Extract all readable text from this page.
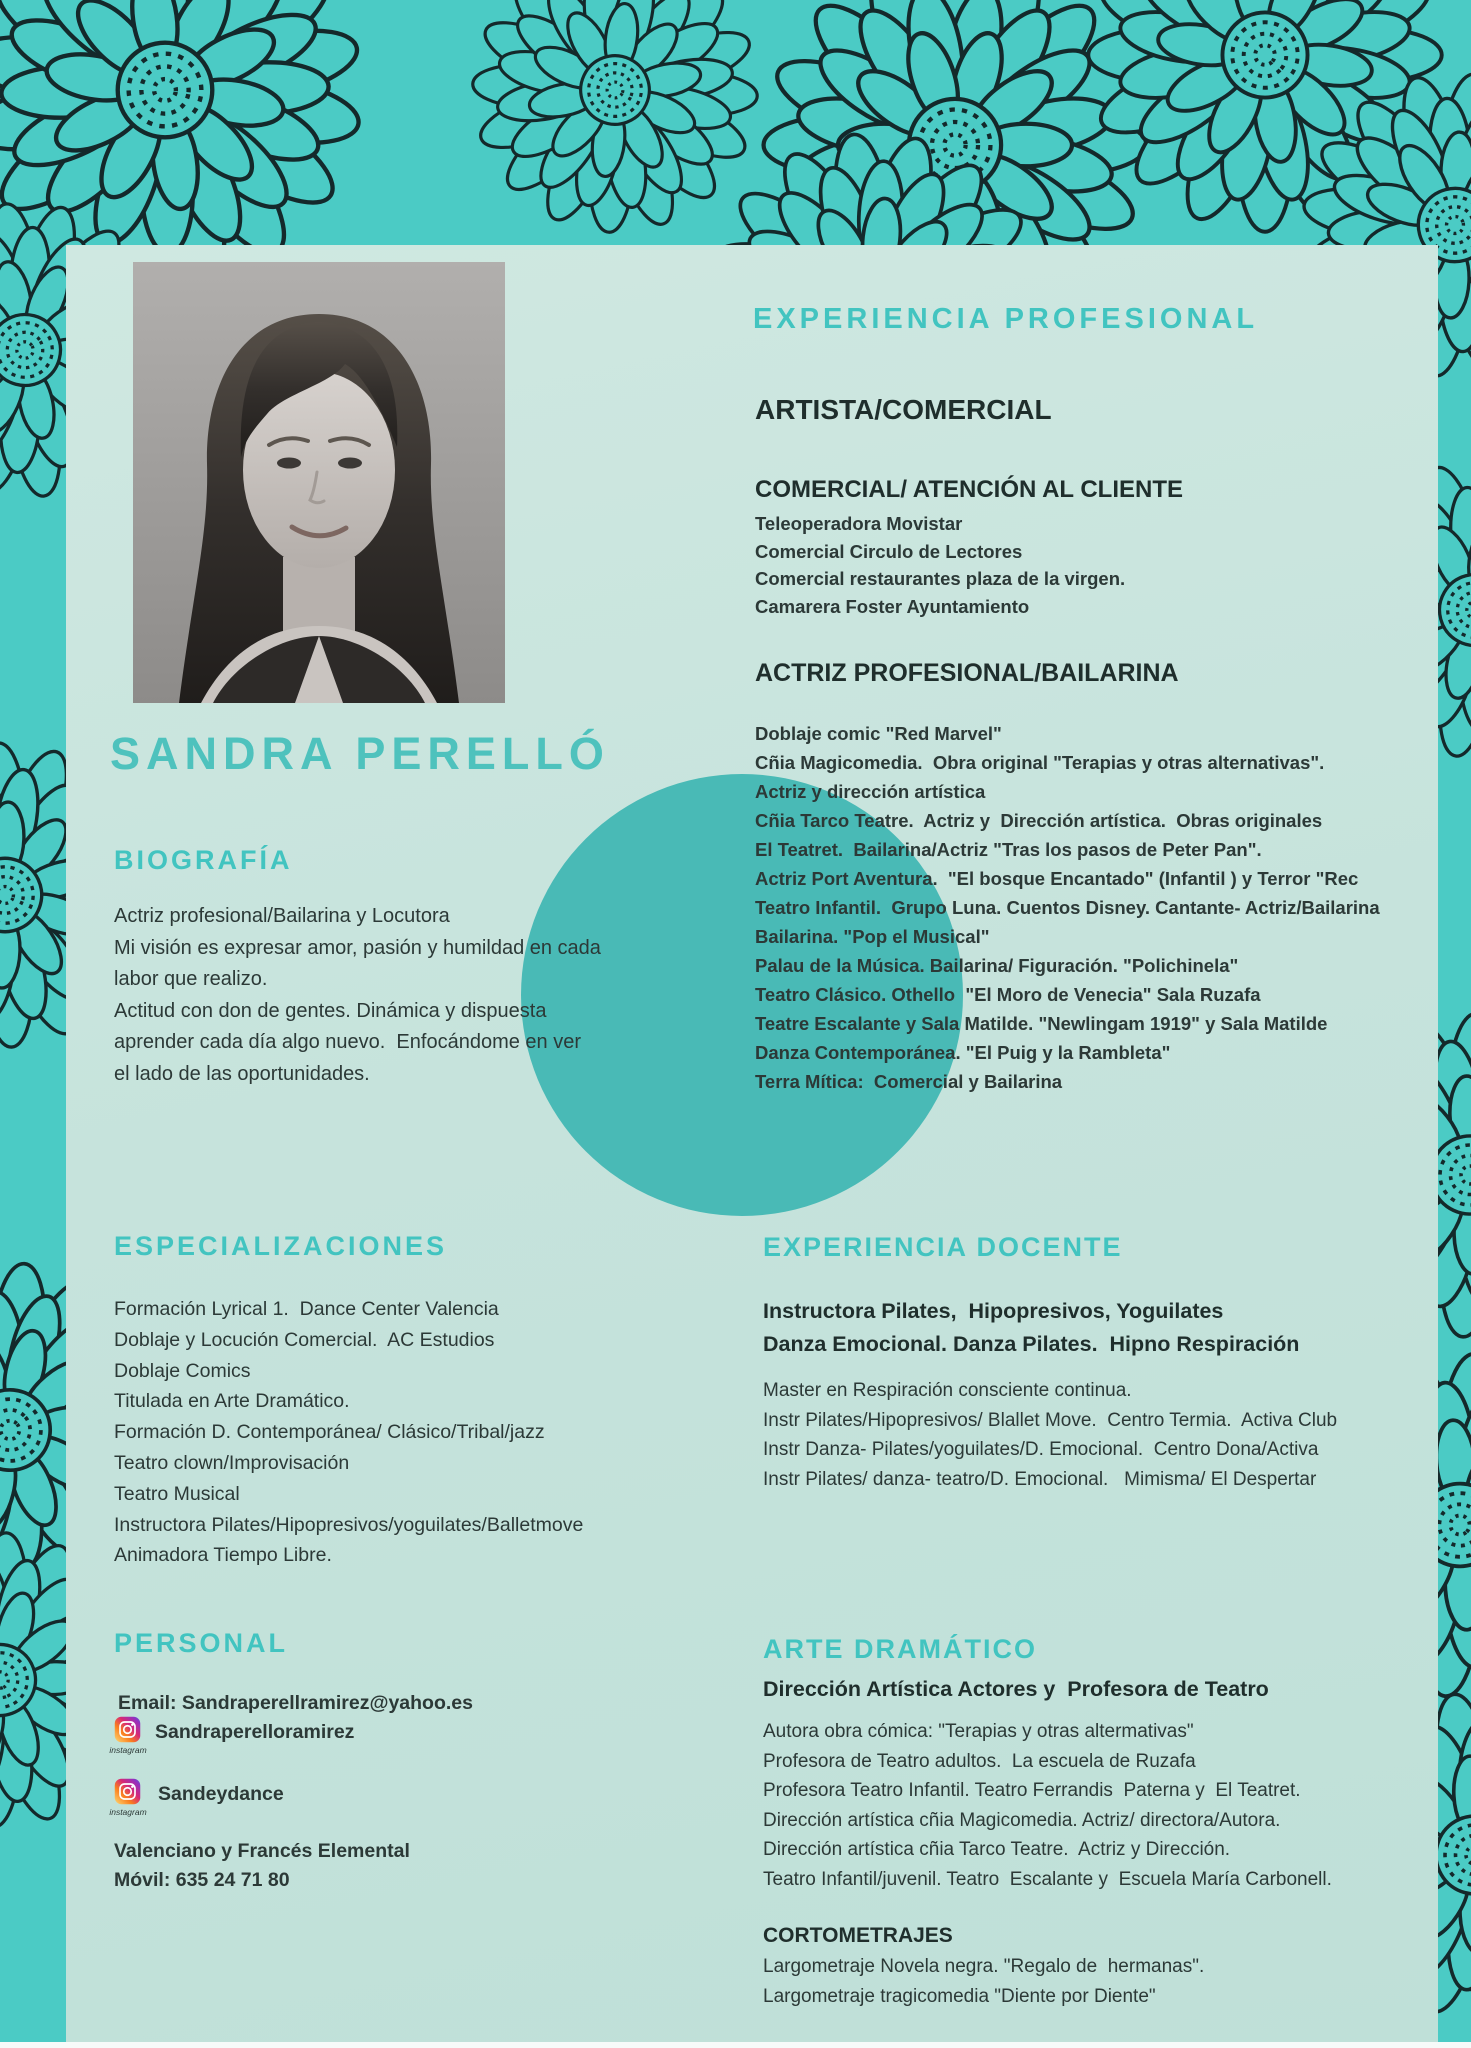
SANDRA PERELLÓ
BIOGRAFÍA
Actriz profesional/Bailarina y Locutora
Mi visión es expresar amor, pasión y humildad en cada
labor que realizo.
Actitud con don de gentes. Dinámica y dispuesta
aprender cada día algo nuevo.  Enfocándome en ver
el lado de las oportunidades.
ESPECIALIZACIONES
Formación Lyrical 1.  Dance Center Valencia
Doblaje y Locución Comercial.  AC Estudios
Doblaje Comics
Titulada en Arte Dramático.
Formación D. Contemporánea/ Clásico/Tribal/jazz
Teatro clown/Improvisación
Teatro Musical
Instructora Pilates/Hipopresivos/yoguilates/Balletmove
Animadora Tiempo Libre.
PERSONAL
Email: Sandraperellramirez@yahoo.es
Sandraperelloramirez
instagram
Sandeydance
instagram
Valenciano y Francés Elemental
Móvil: 635 24 71 80
EXPERIENCIA PROFESIONAL
ARTISTA/COMERCIAL
COMERCIAL/ ATENCIÓN AL CLIENTE
Teleoperadora Movistar
Comercial Circulo de Lectores
Comercial restaurantes plaza de la virgen.
Camarera Foster Ayuntamiento
ACTRIZ PROFESIONAL/BAILARINA
Doblaje comic "Red Marvel"
Cñia Magicomedia.  Obra original "Terapias y otras alternativas".
Actriz y dirección artística
Cñia Tarco Teatre.  Actriz y  Dirección artística.  Obras originales
El Teatret.  Bailarina/Actriz "Tras los pasos de Peter Pan".
Actriz Port Aventura.  "El bosque Encantado" (Infantil ) y Terror "Rec
Teatro Infantil.  Grupo Luna. Cuentos Disney. Cantante- Actriz/Bailarina
Bailarina. "Pop el Musical"
Palau de la Música. Bailarina/ Figuración. "Polichinela"
Teatro Clásico. Othello  "El Moro de Venecia" Sala Ruzafa
Teatre Escalante y Sala Matilde. "Newlingam 1919" y Sala Matilde
Danza Contemporánea. "El Puig y la Rambleta"
Terra Mítica:  Comercial y Bailarina
EXPERIENCIA DOCENTE
Instructora Pilates,  Hipopresivos, Yoguilates
Danza Emocional. Danza Pilates.  Hipno Respiración
Master en Respiración consciente continua.
Instr Pilates/Hipopresivos/ Blallet Move.  Centro Termia.  Activa Club
Instr Danza- Pilates/yoguilates/D. Emocional.  Centro Dona/Activa
Instr Pilates/ danza- teatro/D. Emocional.   Mimisma/ El Despertar
ARTE DRAMÁTICO
Dirección Artística Actores y  Profesora de Teatro
Autora obra cómica: "Terapias y otras altermativas"
Profesora de Teatro adultos.  La escuela de Ruzafa
Profesora Teatro Infantil. Teatro Ferrandis  Paterna y  El Teatret.
Dirección artística cñia Magicomedia. Actriz/ directora/Autora.
Dirección artística cñia Tarco Teatre.  Actriz y Dirección.
Teatro Infantil/juvenil. Teatro  Escalante y  Escuela María Carbonell.
CORTOMETRAJES
Largometraje Novela negra. "Regalo de  hermanas".
Largometraje tragicomedia "Diente por Diente"
